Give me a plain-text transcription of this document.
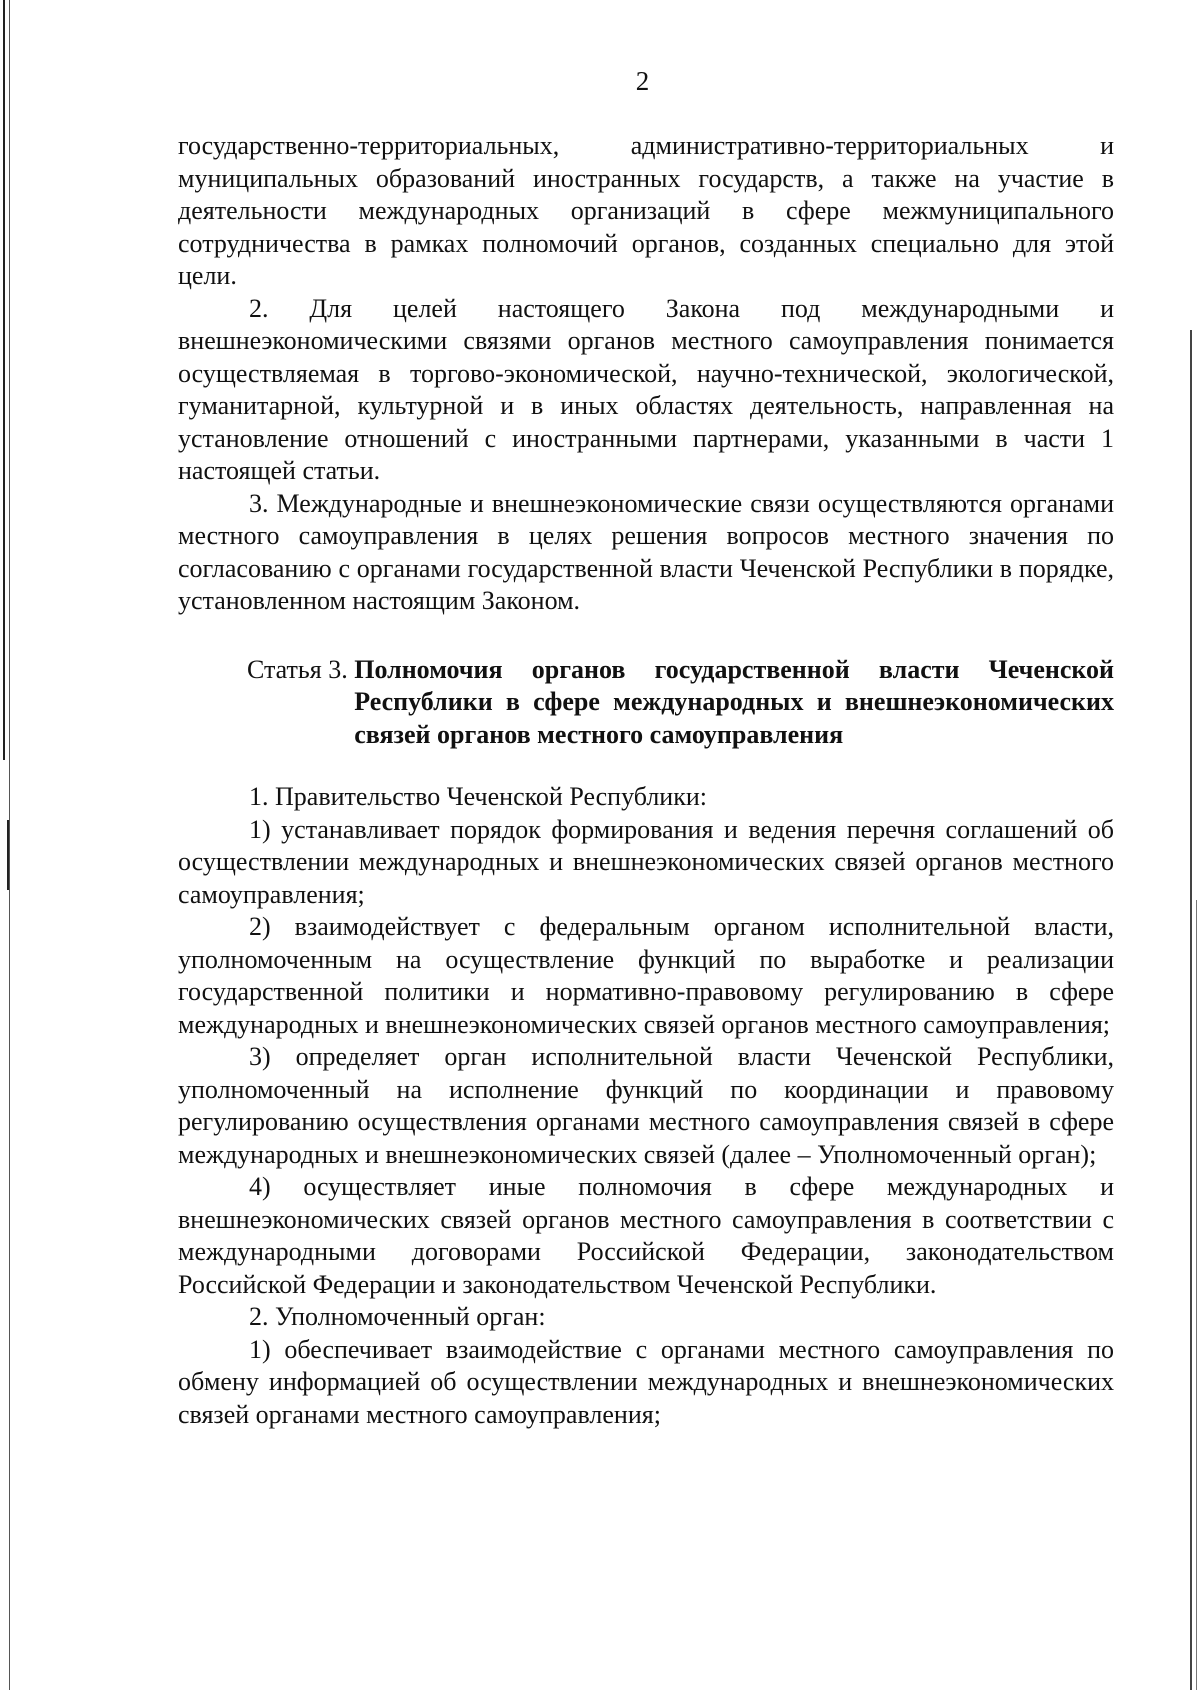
2

государственно-территориальных, административно-территориальных и муниципальных образований иностранных государств, а также на участие в деятельности международных организаций в сфере межмуниципального сотрудничества в рамках полномочий органов, созданных специально для этой цели.

2. Для целей настоящего Закона под международными и внешнеэкономическими связями органов местного самоуправления понимается осуществляемая в торгово-экономической, научно-технической, экологической, гуманитарной, культурной и в иных областях деятельность, направленная на установление отношений с иностранными партнерами, указанными в части 1 настоящей статьи.

3. Международные и внешнеэкономические связи осуществляются органами местного самоуправления в целях решения вопросов местного значения по согласованию с органами государственной власти Чеченской Республики в порядке, установленном настоящим Законом.

Статья 3. Полномочия органов государственной власти Чеченской Республики в сфере международных и внешнеэкономических связей органов местного самоуправления

1. Правительство Чеченской Республики:

1) устанавливает порядок формирования и ведения перечня соглашений об осуществлении международных и внешнеэкономических связей органов местного самоуправления;

2) взаимодействует с федеральным органом исполнительной власти, уполномоченным на осуществление функций по выработке и реализации государственной политики и нормативно-правовому регулированию в сфере международных и внешнеэкономических связей органов местного самоуправления;

3) определяет орган исполнительной власти Чеченской Республики, уполномоченный на исполнение функций по координации и правовому регулированию осуществления органами местного самоуправления связей в сфере международных и внешнеэкономических связей (далее – Уполномоченный орган);

4) осуществляет иные полномочия в сфере международных и внешнеэкономических связей органов местного самоуправления в соответствии с международными договорами Российской Федерации, законодательством Российской Федерации и законодательством Чеченской Республики.

2. Уполномоченный орган:

1) обеспечивает взаимодействие с органами местного самоуправления по обмену информацией об осуществлении международных и внешнеэкономических связей органами местного самоуправления;
